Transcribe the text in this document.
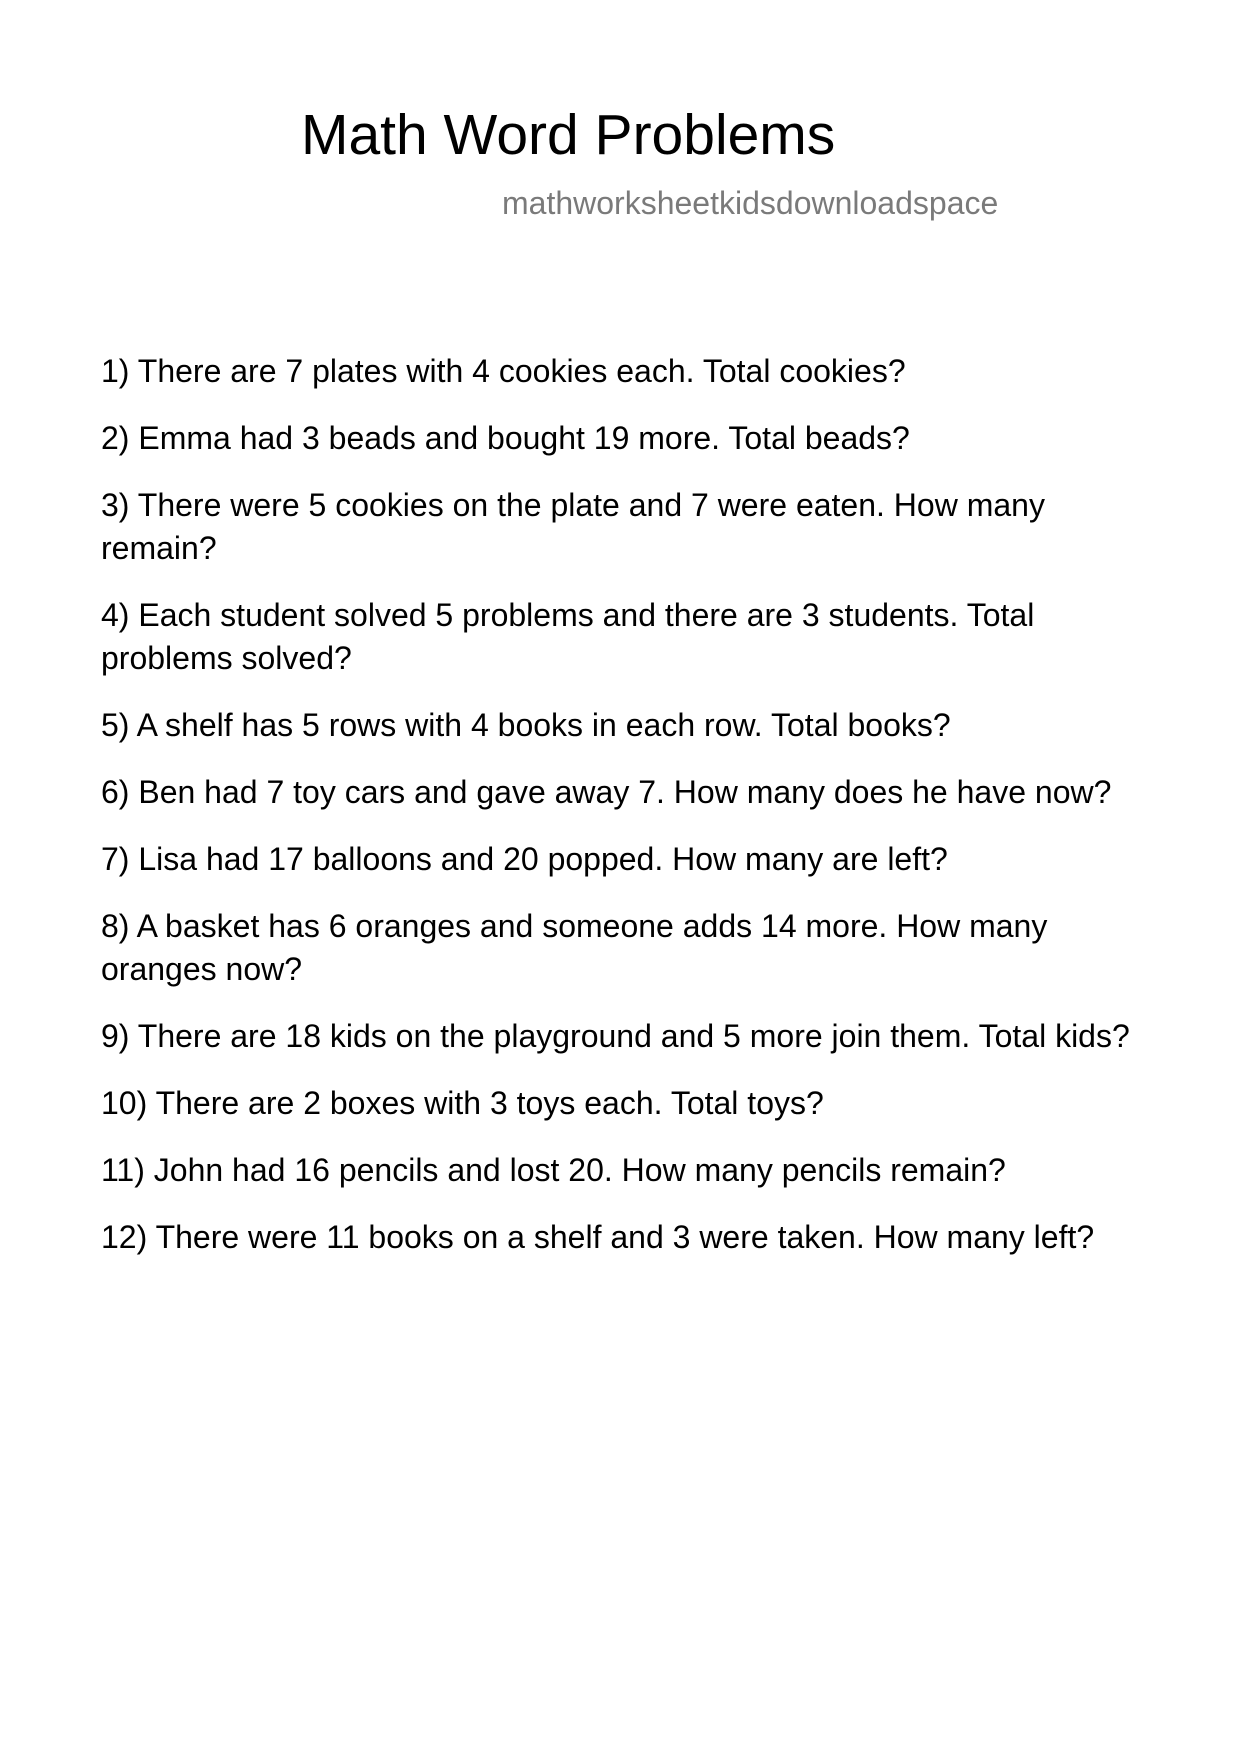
Math Word Problems
mathworksheetkidsdownloadspace
1) There are 7 plates with 4 cookies each. Total cookies?
2) Emma had 3 beads and bought 19 more. Total beads?
3) There were 5 cookies on the plate and 7 were eaten. How many remain?
4) Each student solved 5 problems and there are 3 students. Total problems solved?
5) A shelf has 5 rows with 4 books in each row. Total books?
6) Ben had 7 toy cars and gave away 7. How many does he have now?
7) Lisa had 17 balloons and 20 popped. How many are left?
8) A basket has 6 oranges and someone adds 14 more. How many oranges now?
9) There are 18 kids on the playground and 5 more join them. Total kids?
10) There are 2 boxes with 3 toys each. Total toys?
11) John had 16 pencils and lost 20. How many pencils remain?
12) There were 11 books on a shelf and 3 were taken. How many left?
